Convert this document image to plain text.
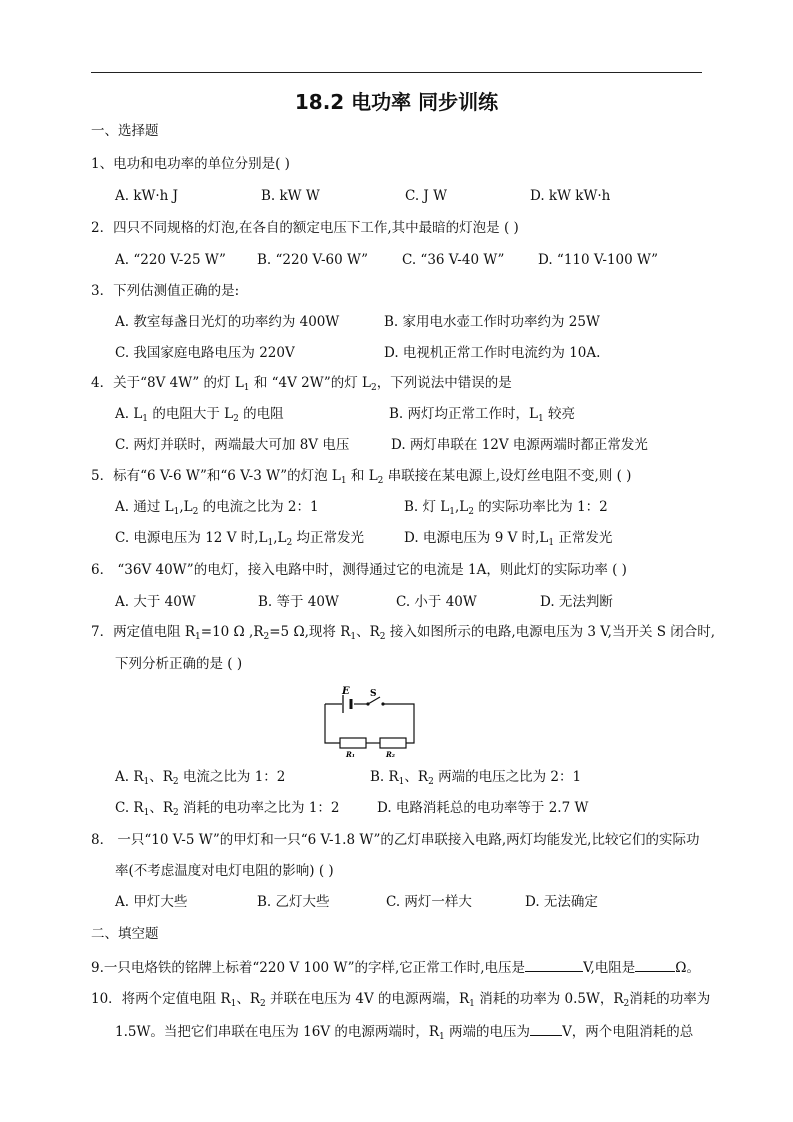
18.2 电功率 同步训练
一、选择题
1、电功和电功率的单位分别是( )
A. kW·h J	B. kW W	C. J W	D. kW kW·h
2．四只不同规格的灯泡,在各自的额定电压下工作,其中最暗的灯泡是 ( )
A. “220 V-25 W” B. “220 V-60 W”	C. “36 V-40 W” D. “110 V-100 W”
3．下列估测值正确的是:
A. 教室每盏日光灯的功率约为 400W	B. 家用电水壶工作时功率约为 25W
C. 我国家庭电路电压为 220V	D. 电视机正常工作时电流约为 10A.
4．关于“8V 4W” 的灯 $L_1$ 和 “4V 2W”的灯 $L_2$，下列说法中错误的是
A. $L_1$ 的电阻大于 $L_2$ 的电阻	B. 两灯均正常工作时，$L_1$ 较亮
C. 两灯并联时，两端最大可加 8V 电压	D. 两灯串联在 12V 电源两端时都正常发光
5．标有“6 V-6 W”和“6 V-3 W”的灯泡 $L_1$ 和 $L_2$ 串联接在某电源上,设灯丝电阻不变,则 ( )
A. 通过 $L_1,L_2$ 的电流之比为 2：1	B. 灯 $L_1,L_2$ 的实际功率比为 1：2
C. 电源电压为 12 V 时$,L_1,L_2$ 均正常发光	D. 电源电压为 9 V 时$,L_1$ 正常发光
6． “36V 40W”的电灯，接入电路中时，测得通过它的电流是 1A，则此灯的实际功率 ( )
A. 大于 40W	B. 等于 40W	C. 小于 40W	D. 无法判断
7．两定值电阻 $R_1=10$ Ω $,R_2=5$ Ω,现将 $R_1$、$R_2$ 接入如图所示的电路,电源电压为 3 V,当开关 S 闭合时,
下列分析正确的是 ( )
E S
R₁	R₂
A. $R_1$、$R_2$ 电流之比为 1：2	B. $R_1$、$R_2$ 两端的电压之比为 2：1
C. $R_1$、$R_2$ 消耗的电功率之比为 1：2	D. 电路消耗总的电功率等于 2.7 W
8． 一只“10 V-5 W”的甲灯和一只“6 V-1.8 W”的乙灯串联接入电路,两灯均能发光,比较它们的实际功
率(不考虑温度对电灯电阻的影响) ( )
A. 甲灯大些	B. 乙灯大些	C. 两灯一样大	D. 无法确定
二、填空题
9.一只电烙铁的铭牌上标着“220 V 100 W”的字样,它正常工作时,电压是	V,电阻是	Ω。
10．将两个定值电阻 $R_1$、$R_2$ 并联在电压为 4V 的电源两端，$R_1$ 消耗的功率为 0.5W，$R_2$消耗的功率为
1.5W。当把它们串联在电压为 16V 的电源两端时，$R_1$ 两端的电压为 V，两个电阻消耗的总
